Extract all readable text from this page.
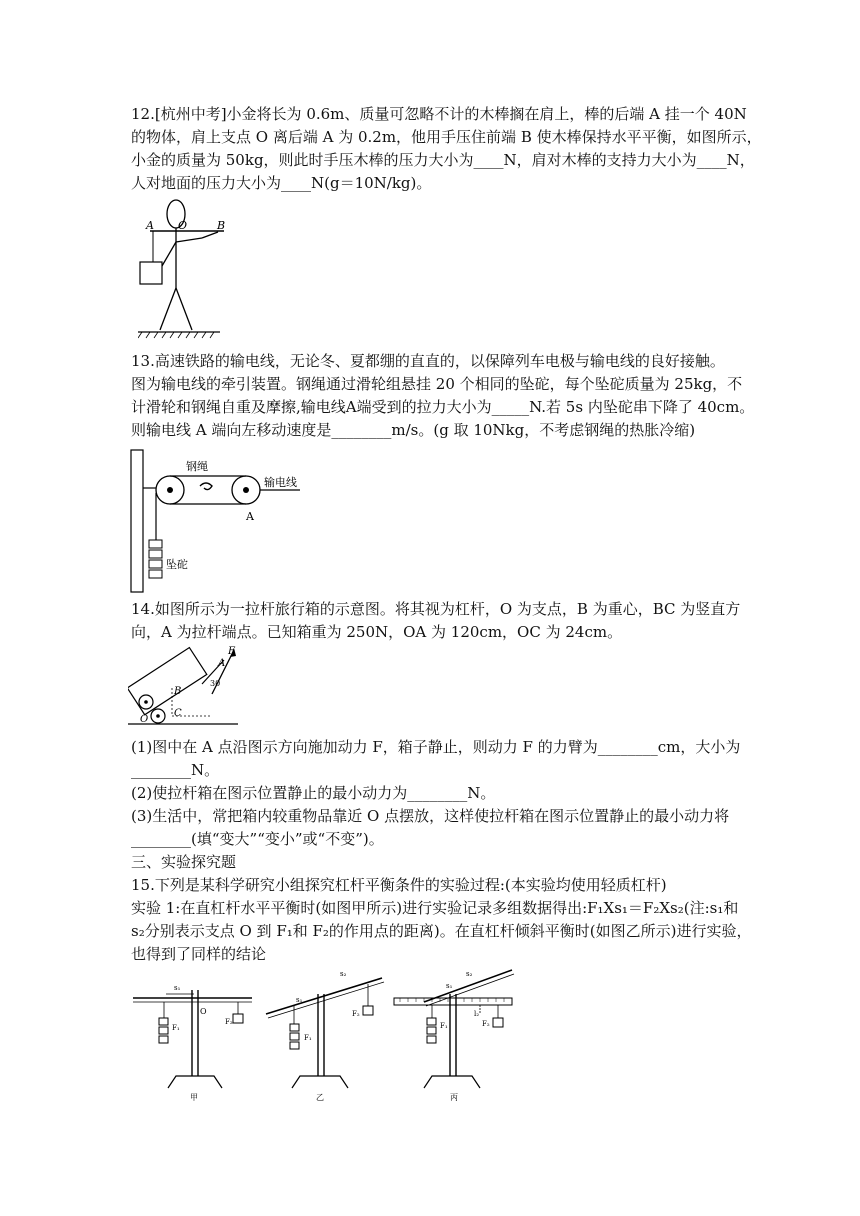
12.[杭州中考]小金将长为 0.6m、质量可忽略不计的木棒搁在肩上，棒的后端 A 挂一个 40N
的物体，肩上支点 O 离后端 A 为 0.2m，他用手压住前端 B 使木棒保持水平平衡，如图所示，
小金的质量为 50kg，则此时手压木棒的压力大小为____N，肩对木棒的支持力大小为____N，
人对地面的压力大小为____N(g＝10N/kg)。
A O	B
13.高速铁路的输电线，无论冬、夏都绷的直直的，以保障列车电极与输电线的良好接触。
图为输电线的牵引装置。钢绳通过滑轮组悬挂 20 个相同的坠砣，每个坠砣质量为 25kg，不
计滑轮和钢绳自重及摩擦,输电线A端受到的拉力大小为_____N.若 5s 内坠砣串下降了 40cm。
则输电线 A 端向左移动速度是________m/s。(g 取 10Nkg，不考虑钢绳的热胀冷缩)
钢绳
输电线
A
坠砣
14.如图所示为一拉杆旅行箱的示意图。将其视为杠杆，O 为支点，B 为重心，BC 为竖直方
向，A 为拉杆端点。已知箱重为 250N，OA 为 120cm，OC 为 24cm。
F
A
30
B
C
O
(1)图中在 A 点沿图示方向施加动力 F，箱子静止，则动力 F 的力臂为________cm，大小为
________N。
(2)使拉杆箱在图示位置静止的最小动力为________N。
(3)生活中，常把箱内较重物品靠近 O 点摆放，这样使拉杆箱在图示位置静止的最小动力将
________(填“变大”“变小”或“不变”)。
三、实验探究题
15.下列是某科学研究小组探究杠杆平衡条件的实验过程:(本实验均使用轻质杠杆)
实验 1:在直杠杆水平平衡时(如图甲所示)进行实验记录多组数据得出:F₁Xs₁＝F₂Xs₂(注:s₁和
s₂分别表示支点 O 到 F₁和 F₂的作用点的距离)。在直杠杆倾斜平衡时(如图乙所示)进行实验，
也得到了同样的结论
s₁
O
F₁
F₂
甲
s₁
s₂
F₁
F₂
乙
s₁
s₂
F₁	F₂
l₂
丙
